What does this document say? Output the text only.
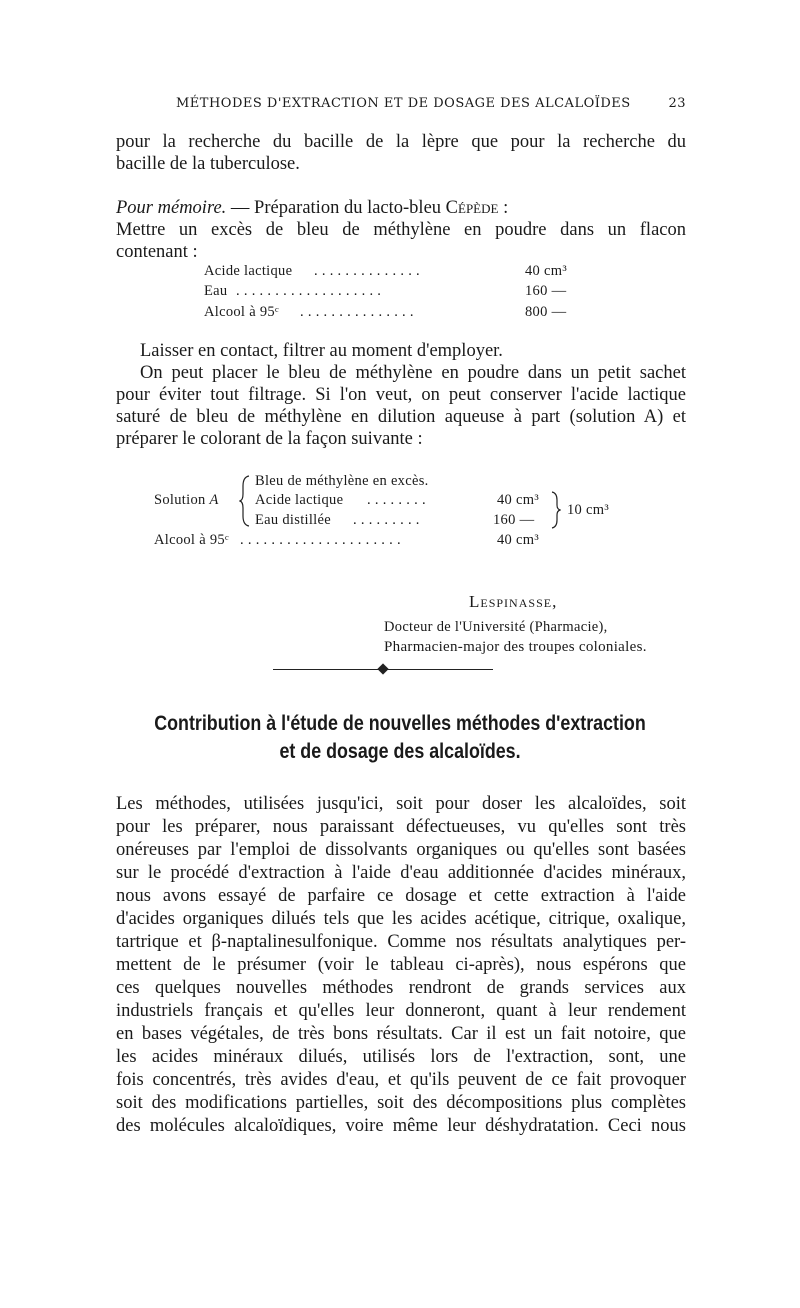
MÉTHODES D'EXTRACTION ET DE DOSAGE DES ALCALOÏDES	23
pour la recherche du bacille de la lèpre que pour la recherche du
bacille de la tuberculose.
Pour mémoire. — Préparation du lacto-bleu Cépède :
Mettre un excès de bleu de méthylène en poudre dans un flacon
contenant :
Acide lactique . . . . . . . . . . . . . .	40 cm³
Eau . . . . . . . . . . . . . . . . . . .	160 —
Alcool à 95ᶜ . . . . . . . . . . . . . . .	800 —
Laisser en contact, filtrer au moment d'employer.
On peut placer le bleu de méthylène en poudre dans un petit sachet
pour éviter tout filtrage. Si l'on veut, on peut conserver l'acide lactique
saturé de bleu de méthylène en dilution aqueuse à part (solution A) et
préparer le colorant de la façon suivante :
Bleu de méthylène en excès.
Solution A	Acide lactique . . . . . . . .	40 cm³
Eau distillée . . . . . . . . .	160 —
10 cm³
Alcool à 95ᶜ . . . . . . . . . . . . . . . . . . . . .	40 cm³
Lespinasse,
Docteur de l'Université (Pharmacie),
Pharmacien-major des troupes coloniales.
Contribution à l'étude de nouvelles méthodes d'extraction
et de dosage des alcaloïdes.
Les méthodes, utilisées jusqu'ici, soit pour doser les alcaloïdes, soit
pour les préparer, nous paraissant défectueuses, vu qu'elles sont très
onéreuses par l'emploi de dissolvants organiques ou qu'elles sont basées
sur le procédé d'extraction à l'aide d'eau additionnée d'acides minéraux,
nous avons essayé de parfaire ce dosage et cette extraction à l'aide
d'acides organiques dilués tels que les acides acétique, citrique, oxalique,
tartrique et β-naptalinesulfonique. Comme nos résultats analytiques per-
mettent de le présumer (voir le tableau ci-après), nous espérons que
ces quelques nouvelles méthodes rendront de grands services aux
industriels français et qu'elles leur donneront, quant à leur rendement
en bases végétales, de très bons résultats. Car il est un fait notoire, que
les acides minéraux dilués, utilisés lors de l'extraction, sont, une
fois concentrés, très avides d'eau, et qu'ils peuvent de ce fait provoquer
soit des modifications partielles, soit des décompositions plus complètes
des molécules alcaloïdiques, voire même leur déshydratation. Ceci nous
